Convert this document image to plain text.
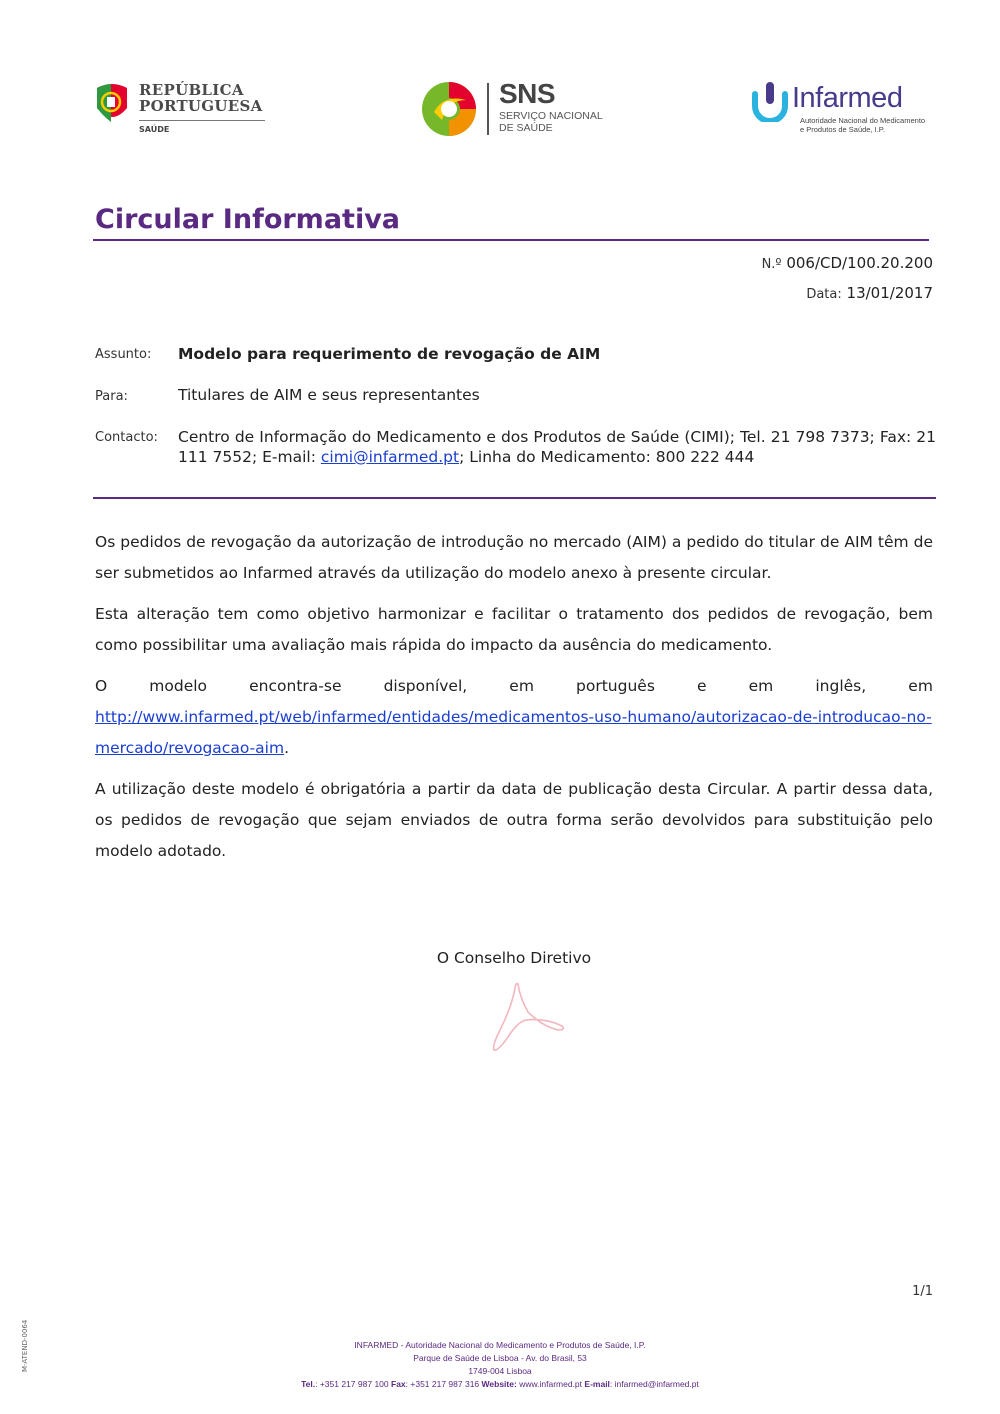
REPÚBLICA
PORTUGUESA
SAÚDE
SNS
SERVIÇO NACIONAL
DE SAÚDE
Infarmed
Autoridade Nacional do Medicamento
e Produtos de Saúde, I.P.
Circular Informativa
N.º 006/CD/100.20.200
Data: 13/01/2017
Assunto: Modelo para requerimento de revogação de AIM
Para:	Titulares de AIM e seus representantes
Contacto: Centro de Informação do Medicamento e dos Produtos de Saúde (CIMI); Tel. 21 798 7373; Fax: 21 111 7552; E-mail: cimi@infarmed.pt; Linha do Medicamento: 800 222 444

Os pedidos de revogação da autorização de introdução no mercado (AIM) a pedido do titular de AIM têm de ser submetidos ao Infarmed através da utilização do modelo anexo à presente circular.

Esta alteração tem como objetivo harmonizar e facilitar o tratamento dos pedidos de revogação, bem como possibilitar uma avaliação mais rápida do impacto da ausência do medicamento.

O	modelo	encontra-se	disponível,	em	português	e	em	inglês,	em
http://www.infarmed.pt/web/infarmed/entidades/medicamentos-uso-humano/autorizacao-de-introducao-no-mercado/revogacao-aim.

A utilização deste modelo é obrigatória a partir da data de publicação desta Circular. A partir dessa data, os pedidos de revogação que sejam enviados de outra forma serão devolvidos para substituição pelo modelo adotado.

O Conselho Diretivo
1/1
M-ATEND-0064	INFARMED - Autoridade Nacional do Medicamento e Produtos de Saúde, I.P.
Parque de Saúde de Lisboa - Av. do Brasil, 53
1749-004 Lisboa
Tel.: +351 217 987 100 Fax: +351 217 987 316 Website: www.infarmed.pt E-mail: infarmed@infarmed.pt
